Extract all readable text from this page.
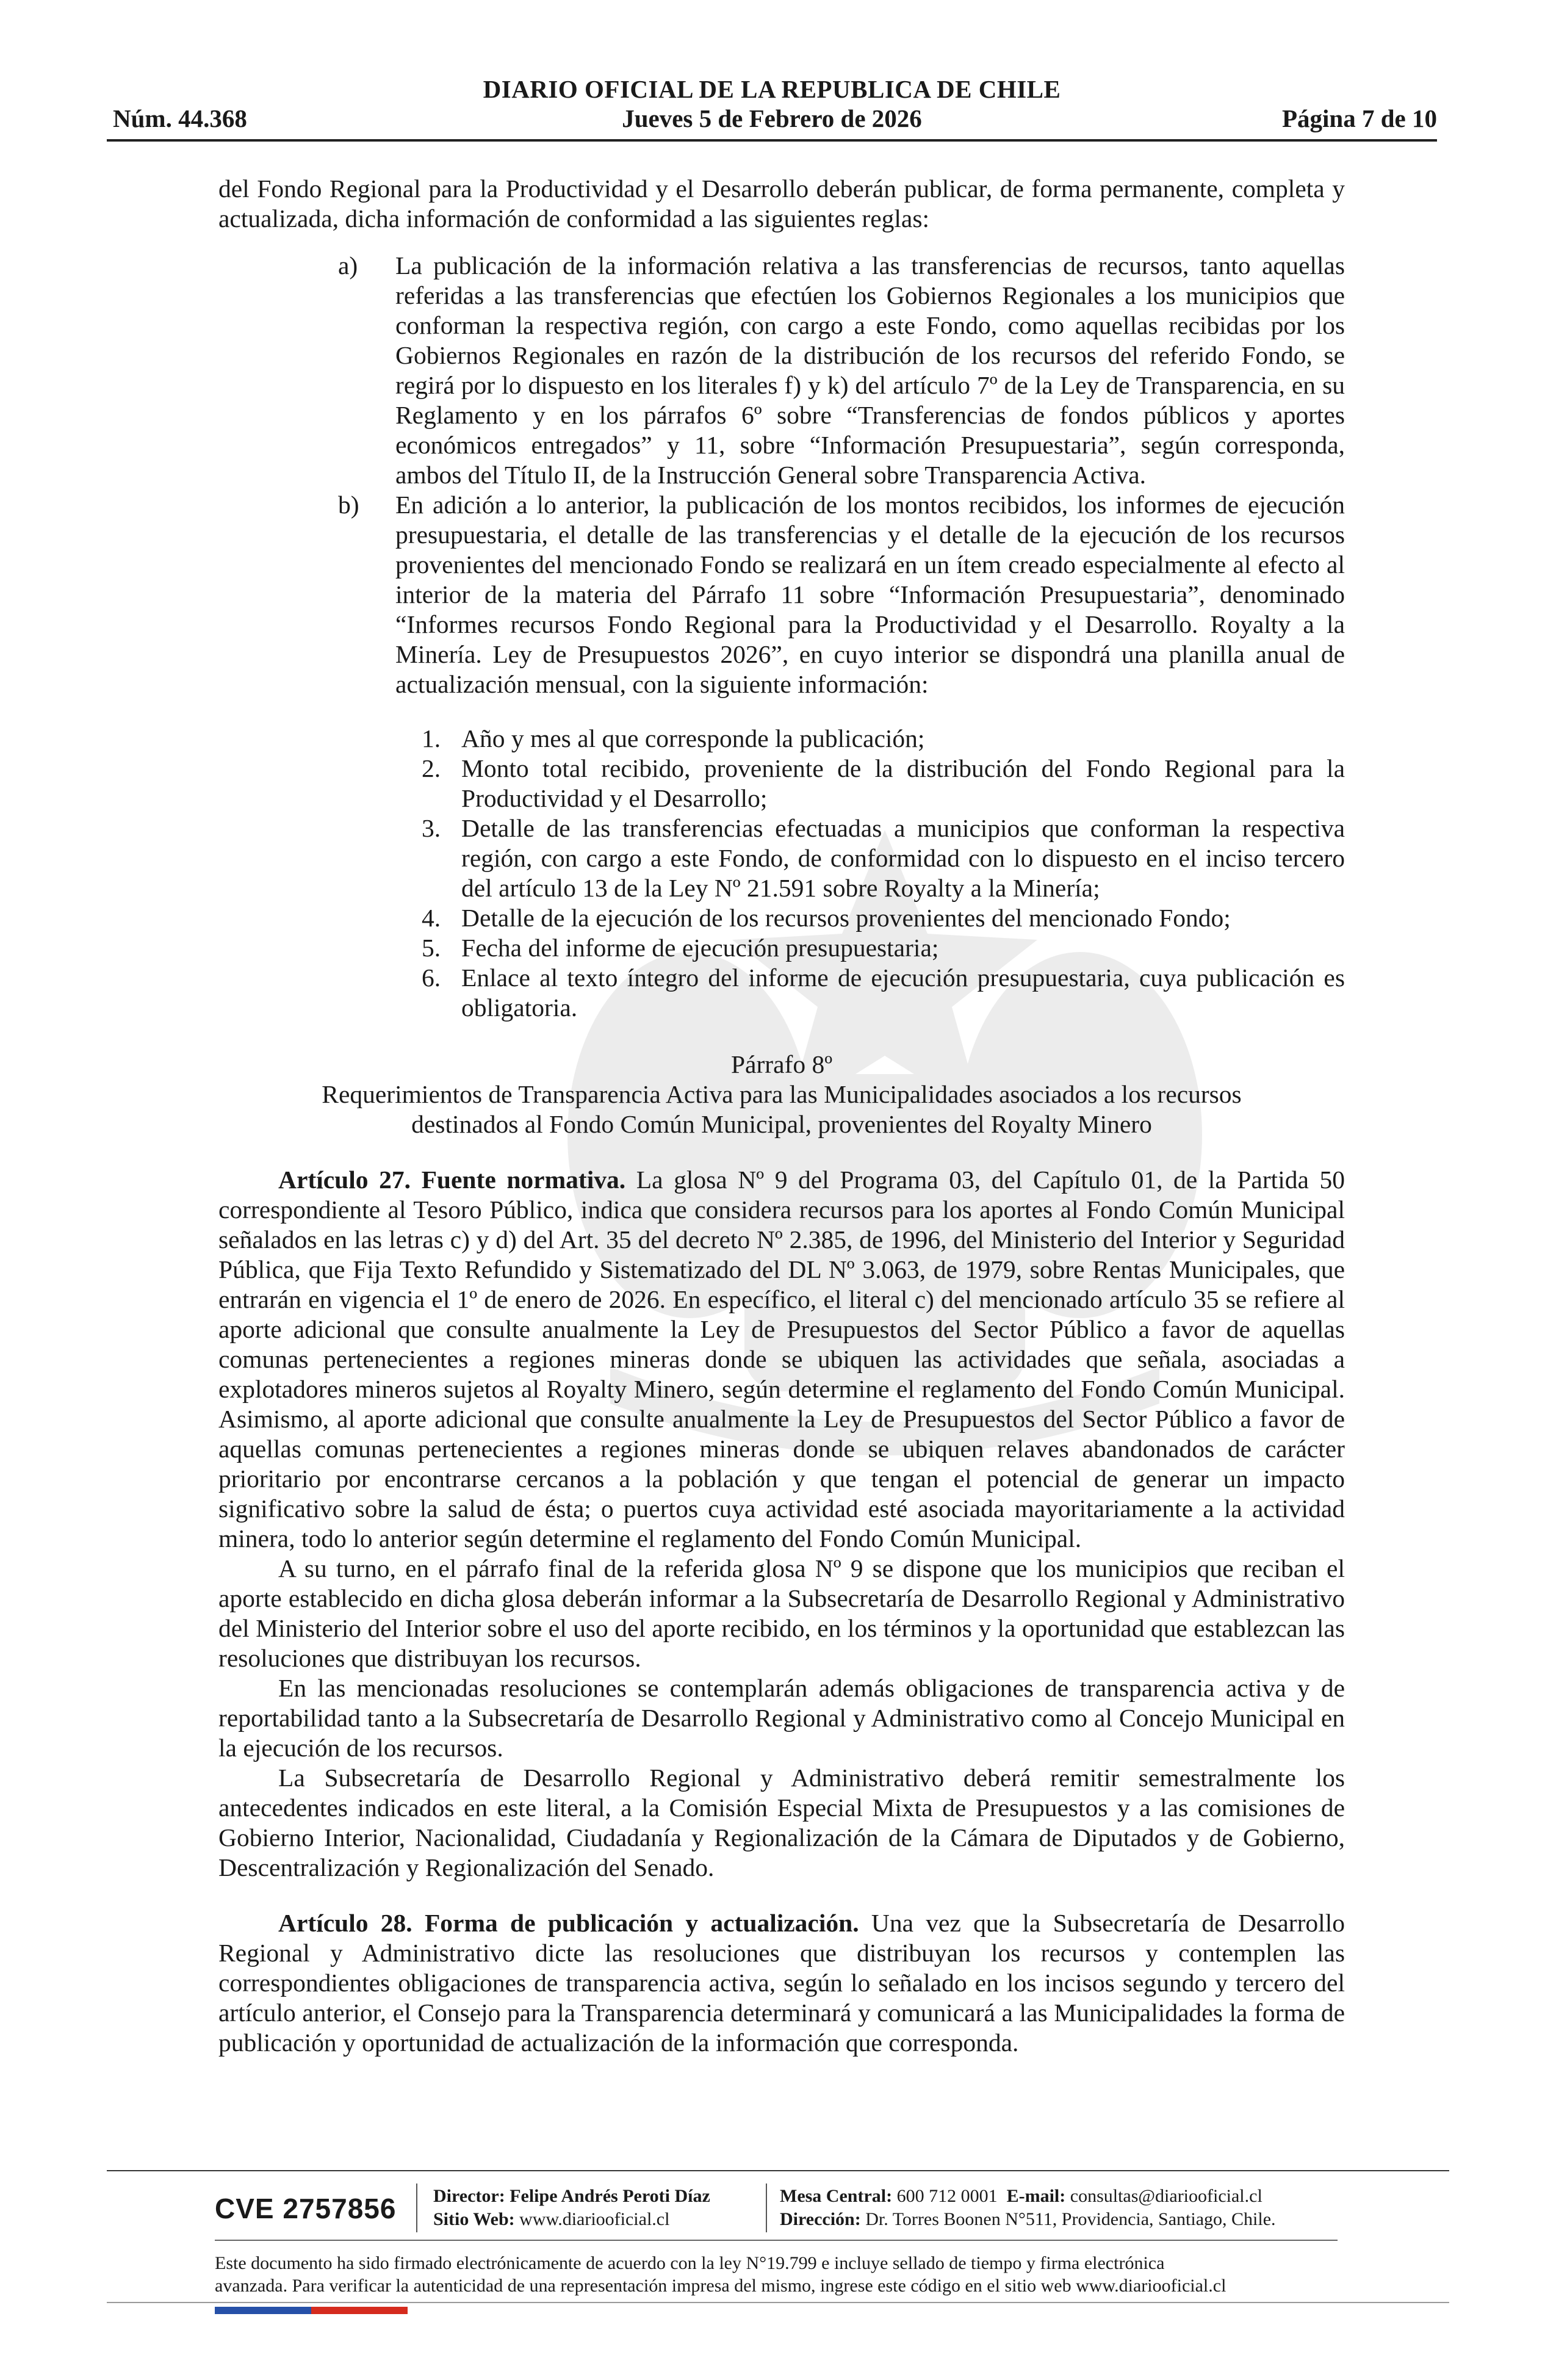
DIARIO OFICIAL DE LA REPUBLICA DE CHILE
Núm. 44.368	Jueves 5 de Febrero de 2026	Página 7 de 10

del Fondo Regional para la Productividad y el Desarrollo deberán publicar, de forma permanente, completa y actualizada, dicha información de conformidad a las siguientes reglas:

a) La publicación de la información relativa a las transferencias de recursos, tanto aquellas referidas a las transferencias que efectúen los Gobiernos Regionales a los municipios que conforman la respectiva región, con cargo a este Fondo, como aquellas recibidas por los Gobiernos Regionales en razón de la distribución de los recursos del referido Fondo, se regirá por lo dispuesto en los literales f) y k) del artículo 7º de la Ley de Transparencia, en su Reglamento y en los párrafos 6º sobre “Transferencias de fondos públicos y aportes económicos entregados” y 11, sobre “Información Presupuestaria”, según corresponda, ambos del Título II, de la Instrucción General sobre Transparencia Activa.
b) En adición a lo anterior, la publicación de los montos recibidos, los informes de ejecución presupuestaria, el detalle de las transferencias y el detalle de la ejecución de los recursos provenientes del mencionado Fondo se realizará en un ítem creado especialmente al efecto al interior de la materia del Párrafo 11 sobre “Información Presupuestaria”, denominado “Informes recursos Fondo Regional para la Productividad y el Desarrollo. Royalty a la Minería. Ley de Presupuestos 2026”, en cuyo interior se dispondrá una planilla anual de actualización mensual, con la siguiente información:
1. Año y mes al que corresponde la publicación;
2. Monto total recibido, proveniente de la distribución del Fondo Regional para la Productividad y el Desarrollo;
3. Detalle de las transferencias efectuadas a municipios que conforman la respectiva región, con cargo a este Fondo, de conformidad con lo dispuesto en el inciso tercero del artículo 13 de la Ley Nº 21.591 sobre Royalty a la Minería;
4. Detalle de la ejecución de los recursos provenientes del mencionado Fondo;
5. Fecha del informe de ejecución presupuestaria;
6. Enlace al texto íntegro del informe de ejecución presupuestaria, cuya publicación es obligatoria.
Párrafo 8º
Requerimientos de Transparencia Activa para las Municipalidades asociados a los recursos
destinados al Fondo Común Municipal, provenientes del Royalty Minero

Artículo 27. Fuente normativa. La glosa Nº 9 del Programa 03, del Capítulo 01, de la Partida 50 correspondiente al Tesoro Público, indica que considera recursos para los aportes al Fondo Común Municipal señalados en las letras c) y d) del Art. 35 del decreto Nº 2.385, de 1996, del Ministerio del Interior y Seguridad Pública, que Fija Texto Refundido y Sistematizado del DL Nº 3.063, de 1979, sobre Rentas Municipales, que entrarán en vigencia el 1º de enero de 2026. En específico, el literal c) del mencionado artículo 35 se refiere al aporte adicional que consulte anualmente la Ley de Presupuestos del Sector Público a favor de aquellas comunas pertenecientes a regiones mineras donde se ubiquen las actividades que señala, asociadas a explotadores mineros sujetos al Royalty Minero, según determine el reglamento del Fondo Común Municipal. Asimismo, al aporte adicional que consulte anualmente la Ley de Presupuestos del Sector Público a favor de aquellas comunas pertenecientes a regiones mineras donde se ubiquen relaves abandonados de carácter prioritario por encontrarse cercanos a la población y que tengan el potencial de generar un impacto significativo sobre la salud de ésta; o puertos cuya actividad esté asociada mayoritariamente a la actividad minera, todo lo anterior según determine el reglamento del Fondo Común Municipal.

A su turno, en el párrafo final de la referida glosa Nº 9 se dispone que los municipios que reciban el aporte establecido en dicha glosa deberán informar a la Subsecretaría de Desarrollo Regional y Administrativo del Ministerio del Interior sobre el uso del aporte recibido, en los términos y la oportunidad que establezcan las resoluciones que distribuyan los recursos.

En las mencionadas resoluciones se contemplarán además obligaciones de transparencia activa y de reportabilidad tanto a la Subsecretaría de Desarrollo Regional y Administrativo como al Concejo Municipal en la ejecución de los recursos.

La Subsecretaría de Desarrollo Regional y Administrativo deberá remitir semestralmente los antecedentes indicados en este literal, a la Comisión Especial Mixta de Presupuestos y a las comisiones de Gobierno Interior, Nacionalidad, Ciudadanía y Regionalización de la Cámara de Diputados y de Gobierno, Descentralización y Regionalización del Senado.

Artículo 28. Forma de publicación y actualización. Una vez que la Subsecretaría de Desarrollo Regional y Administrativo dicte las resoluciones que distribuyan los recursos y contemplen las correspondientes obligaciones de transparencia activa, según lo señalado en los incisos segundo y tercero del artículo anterior, el Consejo para la Transparencia determinará y comunicará a las Municipalidades la forma de publicación y oportunidad de actualización de la información que corresponda.

CVE 2757856 Director: Felipe Andrés Peroti Díaz
Sitio Web: www.diariooficial.cl
Mesa Central: 600 712 0001 E-mail: consultas@diariooficial.cl
Dirección: Dr. Torres Boonen N°511, Providencia, Santiago, Chile.
Este documento ha sido firmado electrónicamente de acuerdo con la ley N°19.799 e incluye sellado de tiempo y firma electrónica
avanzada. Para verificar la autenticidad de una representación impresa del mismo, ingrese este código en el sitio web www.diariooficial.cl
